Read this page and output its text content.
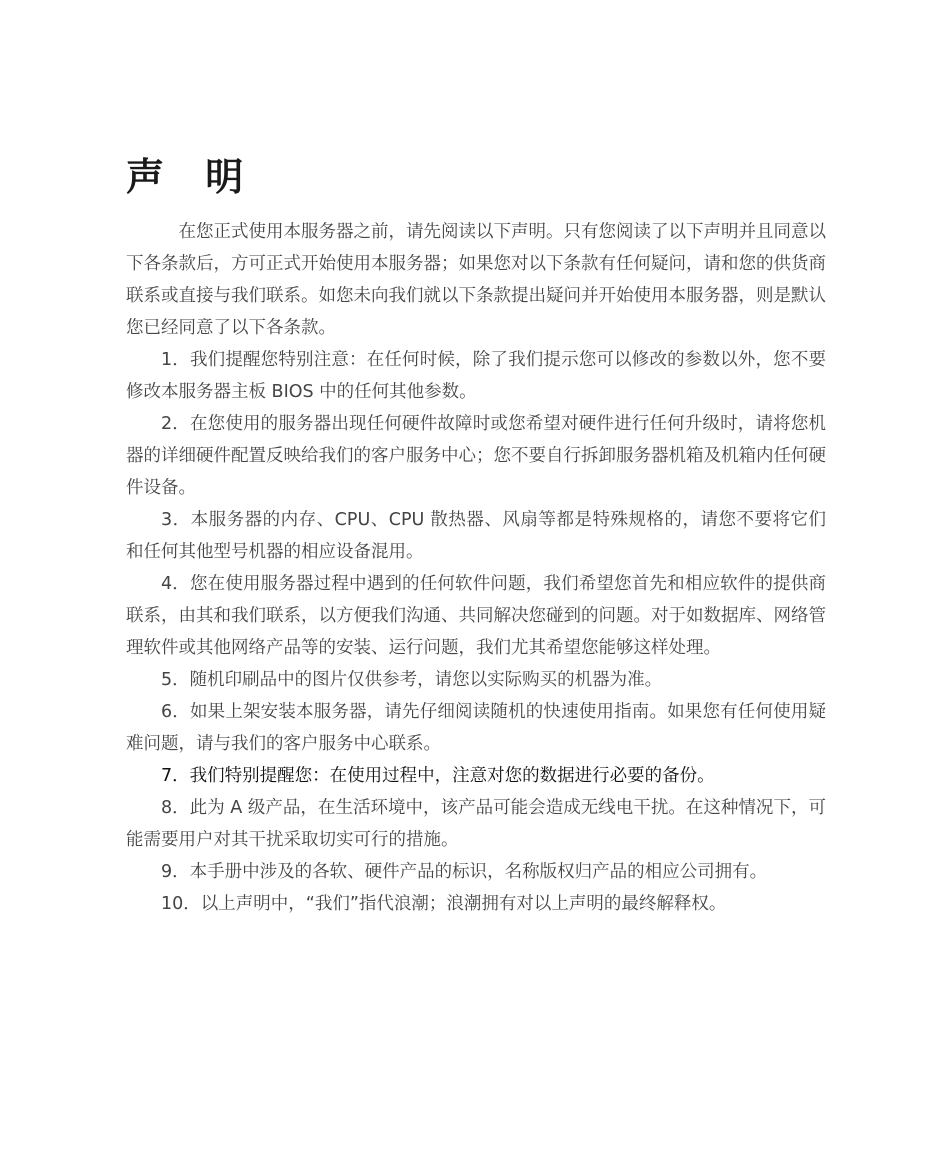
声 明

在您正式使用本服务器之前，请先阅读以下声明。只有您阅读了以下声明并且同意以下各条款后，方可正式开始使用本服务器；如果您对以下条款有任何疑问，请和您的供货商联系或直接与我们联系。如您未向我们就以下条款提出疑问并开始使用本服务器，则是默认您已经同意了以下各条款。

1．我们提醒您特别注意：在任何时候，除了我们提示您可以修改的参数以外，您不要修改本服务器主板 BIOS 中的任何其他参数。

2．在您使用的服务器出现任何硬件故障时或您希望对硬件进行任何升级时，请将您机器的详细硬件配置反映给我们的客户服务中心；您不要自行拆卸服务器机箱及机箱内任何硬件设备。

3．本服务器的内存、CPU、CPU 散热器、风扇等都是特殊规格的，请您不要将它们和任何其他型号机器的相应设备混用。

4．您在使用服务器过程中遇到的任何软件问题，我们希望您首先和相应软件的提供商联系，由其和我们联系，以方便我们沟通、共同解决您碰到的问题。对于如数据库、网络管理软件或其他网络产品等的安装、运行问题，我们尤其希望您能够这样处理。

5．随机印刷品中的图片仅供参考，请您以实际购买的机器为准。

6．如果上架安装本服务器，请先仔细阅读随机的快速使用指南。如果您有任何使用疑难问题，请与我们的客户服务中心联系。

7．我们特别提醒您：在使用过程中，注意对您的数据进行必要的备份。

8．此为 A 级产品，在生活环境中，该产品可能会造成无线电干扰。在这种情况下，可能需要用户对其干扰采取切实可行的措施。

9．本手册中涉及的各软、硬件产品的标识，名称版权归产品的相应公司拥有。

10．以上声明中，“我们”指代浪潮；浪潮拥有对以上声明的最终解释权。
